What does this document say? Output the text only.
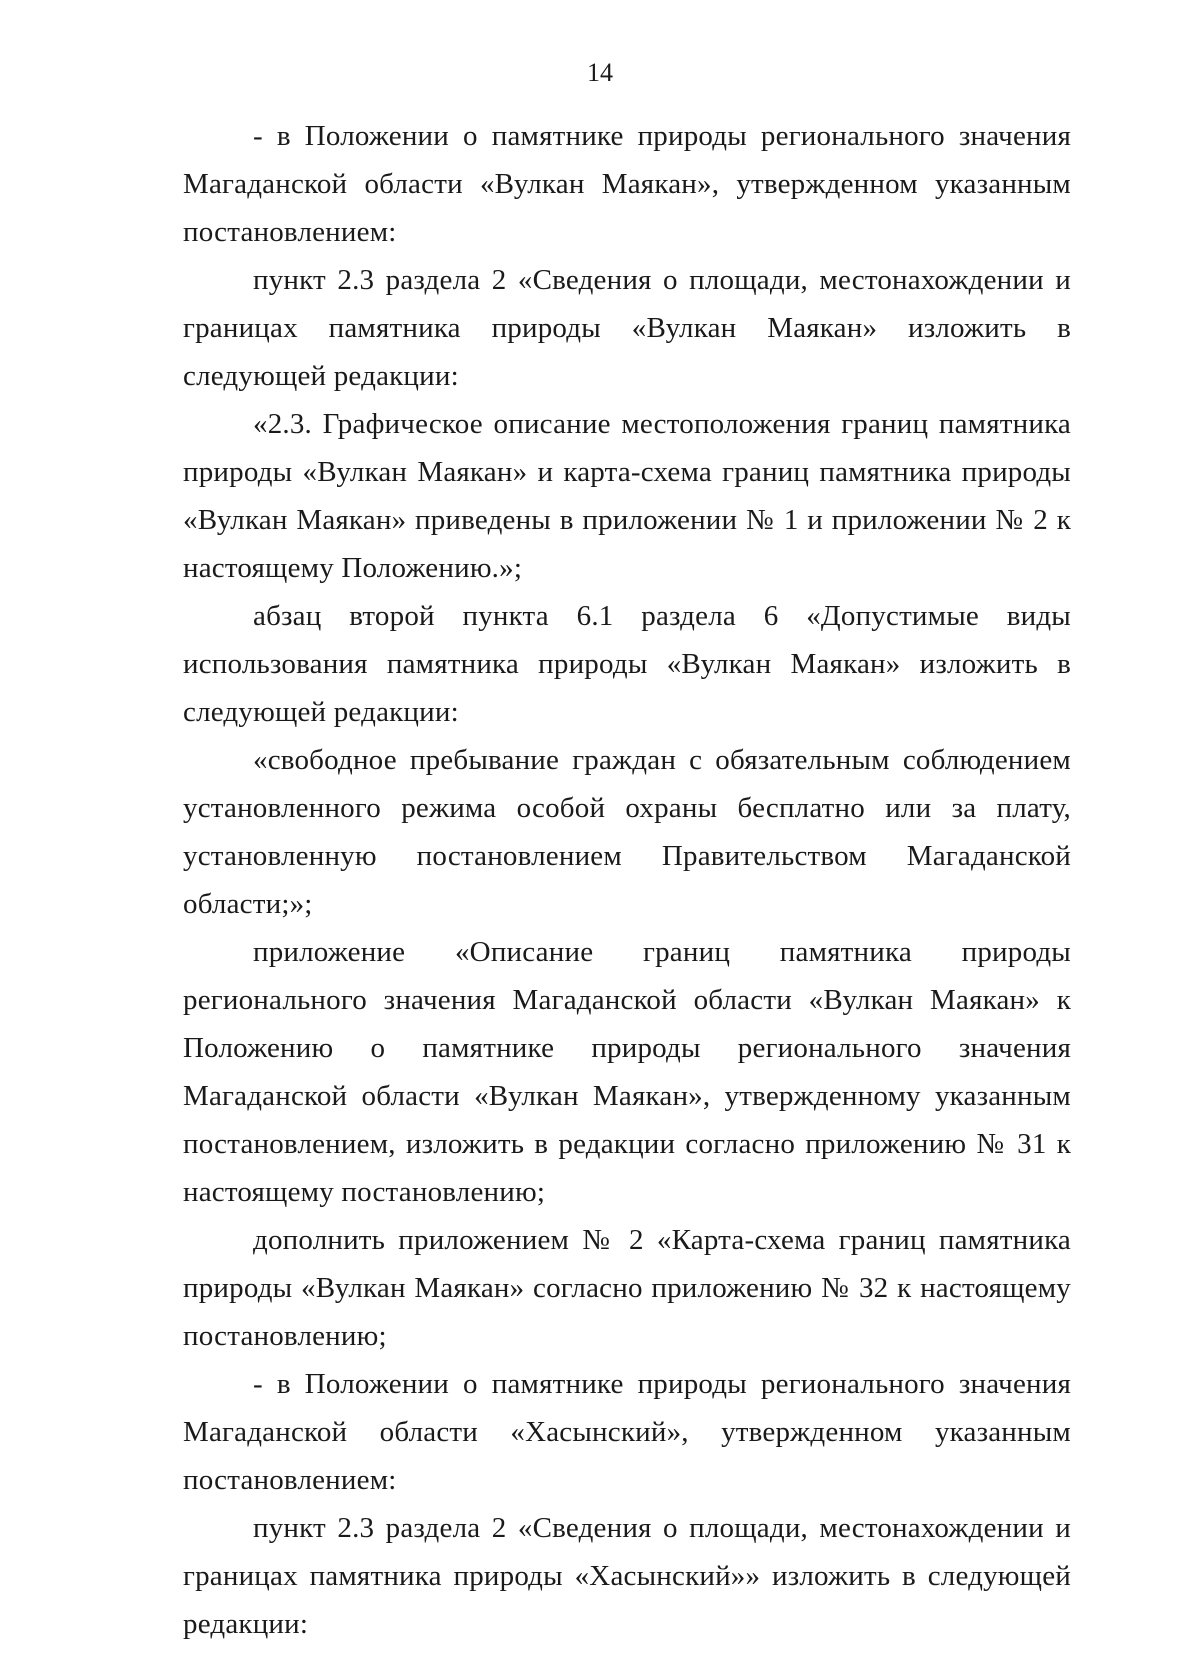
14

- в Положении о памятнике природы регионального значения Магаданской области «Вулкан Маякан», утвержденном указанным постановлением:

пункт 2.3 раздела 2 «Сведения о площади, местонахождении и границах памятника природы «Вулкан Маякан» изложить в следующей редакции:

«2.3. Графическое описание местоположения границ памятника природы «Вулкан Маякан» и карта-схема границ памятника природы «Вулкан Маякан» приведены в приложении № 1 и приложении № 2 к настоящему Положению.»;

абзац второй пункта 6.1 раздела 6 «Допустимые виды использования памятника природы «Вулкан Маякан» изложить в следующей редакции:

«свободное пребывание граждан с обязательным соблюдением установленного режима особой охраны бесплатно или за плату, установленную постановлением Правительством Магаданской области;»;

приложение «Описание границ памятника природы регионального значения Магаданской области «Вулкан Маякан» к Положению о памятнике природы регионального значения Магаданской области «Вулкан Маякан», утвержденному указанным постановлением, изложить в редакции согласно приложению № 31 к настоящему постановлению;

дополнить приложением № 2 «Карта-схема границ памятника природы «Вулкан Маякан» согласно приложению № 32 к настоящему постановлению;

- в Положении о памятнике природы регионального значения Магаданской области «Хасынский», утвержденном указанным постановлением:

пункт 2.3 раздела 2 «Сведения о площади, местонахождении и границах памятника природы «Хасынский»» изложить в следующей редакции:
